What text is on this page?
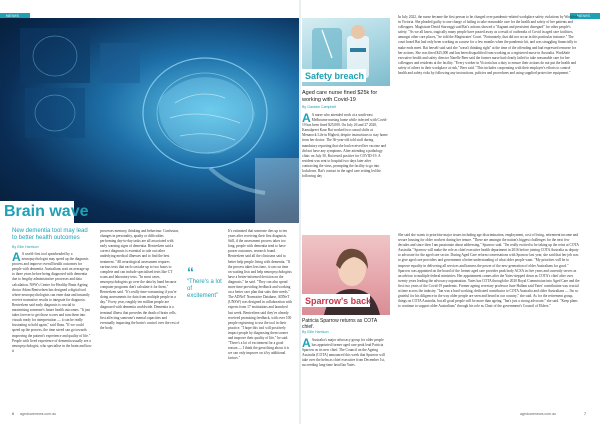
NEWS
Brain wave
New dementia tool may lead to better health outcomes
By Ellie Harrison
A A world-first tool spearheaded by a neuropsychologist may speed up the diagnosis process and improve overall health outcomes for people with dementia. Australians wait on average up to three years before being diagnosed with dementia due to lengthy administrative processes and data calculation. NSW's Centre for Healthy Brain Ageing doctor Adam Bentvelzen has designed a digital tool where neuropsychologists can enter data and instantly receive normative results to integrate for diagnosis. Bentvelzen said early diagnosis is crucial to maximising someone's future health outcomes. "It just takes forever to get those scores and turn them into visuals ready for interpretation — it can be really frustrating to hold again," said Ilona. "If we could speed up the process, the time saved can go towards improving the patient's experience and quality of life." People with lived experience of dementia usually see a neuropsychologist, who specialise in the brain and how it
processes memory, thinking and behaviour. Confusion, changes in personality, apathy or difficulties performing day-to-day tasks are all associated with early warning signs of dementia. Bentvelzen said a correct diagnosis is essential to rule out other underlying medical illnesses and to find the best treatment. "All neurological assessment requires various tests that each can take up to two hours to complete and can include specialised tests like CT scans and laboratory tests. "In most cases, neuropsychologists go over the data by hand because computer programs don't calculate it for them," Bentvelzen said. "It's really time-consuming if you're doing assessments for data from multiple people in a day." Every year, roughly ten million people are diagnosed with dementia worldwide. Dementia is a terminal illness that precedes the death of brain cells, first affecting someone's mental capacities and eventually impacting the brain's control over the rest of the body.
“
“There's a lot of excitement”
It's estimated that someone dies up to ten years after receiving their first diagnosis. Still, if the assessment process takes too long, people with dementia tend to have poorer outcomes, research found. Bentvelzen said all the clinicians said to better help people living with dementia. "If the process takes less time, it can cut time on waiting lists and help neuropsychologists have a better-informed decision on the diagnosis," he said. "They can also spend more time providing feedback and working on a better care plan that suits their needs." The ADNeT Normative Database, ADNeT (UNSW) was designed in collaboration with experts from 17 institutions and launched last week. Bentvelzen said they've already received promising feedback, with over 100 people registering to use the tool in their practice. "I hope this tool will positively impact people by diagnosing them sooner and improve their quality of life," he said. "There's a lot of excitement for a good reason — I think the great thing about it is we can only improve on it by additional factors."
agedcarenews.com.au
6
NEWS
Safety breach
Aged care nurse fined $25k for working with Covid-19
By Gautam Campbell
A A nurse who attended work at a south-east Melbourne nursing home while infected with Covid-19 has been fined $25,000. On July 26 and 27 2020, Kamalpreet Kaur Rai worked two casual shifts at Menarock Life in Highett, despite instructions to stay home from her doctor. The 36-year-old told staff during mandatory reporting that she had received her vaccine and did not have any symptoms. After attending a pathology clinic on July 30, Rai tested positive for COVID-19. A resident was sent to hospital two days later after contracting the virus, prompting the facility to go into lockdown. Rai's contact in the aged care setting led the following day
In July 2022, the nurse became the first person to be charged over pandemic-related workplace safety violations by WorkSafe in Victoria. She pleaded guilty to one charge of failing to take reasonable care for the health and safety of her patients and colleagues. Magistrate David Starvaggi said Rai's actions showed a "flagrant and persistent disregard" for other people's safety. "As we all know, tragically many people have passed away as a result of outbreaks of Covid in aged care facilities, amongst other care places," he told the Magistrates' Court. "Fortunately, that did not occur in this particular instance." The court heard Rai had only been working as a nurse for a few months when the pandemic hit, and was struggling financially to make ends meet. Rai herself said said she "wasn't thinking right" at the time of the offending and had expressed remorse for her actions. She was fined $25,000 and has been disqualified from working as a registered nurse in Australia. WorkSafe executive health and safety director Narelle Beer said the former nurse had clearly failed to take reasonable care for her colleagues and residents at the facility. "Every worker in Victoria has a duty to ensure their actions do not put the health and safety of others in their workplace at risk," Beer said. "This includes cooperating with their employer's efforts to control health and safety risks by following any instructions, policies and procedures and using supplied protective equipment."
Sparrow's back
Patricia Sparrow returns as COTA chief.
By Ellie Harrison
A Australia's major advocacy group for older people has appointed former aged care peak lead Patricia Sparrow as its new chief. The Council on the Ageing Australia (COTA) announced this week that Sparrow will take over the helm as chief executive from December 1st, succeeding long-time head Ian Yates.
She said she wants to prioritise major issues including age discrimination, employment, cost of living, retirement income and secure housing for older workers during her tenure. "These are amongst the nation's biggest challenges for the next few decades and since then I am passionate about addressing," Sparrow said. "I'm really excited to be taking up the reins at COTA Australia." Sparrow will make the role as chief executive health department in 2016 before joining COTA Australia as deputy to advocate for the aged care sector. During Aged Care reform conversations with Sparrow last year, she said that her job was to give aged care providers and government a better understanding of what older people want. "My priorities will be to improve equality in delivering all services and harness the power of the new generation of older Australians for good." Sparrow was appointed on the board of the former aged care provider peak body ACSA in five years and currently serves as an advisor to multiple federal ministries. Her appointment comes after the Yates-stepped down as COTA's chief after over twenty years leading the advocacy organisation. Yates has COTA through the 2020 Royal Commission into Aged Care and the first two years of the Covid-19 pandemic. Former ageing secretary professor June Hallam said Yates' contribution was crucial at time across the industry. "Ian was a hard working, dedicated contributor to COTA Australia and older Australians — I'm so grateful for his diligence in the way older people are seen and heard in our country," she said. As for the retirement group, things on COTA Australia, but all good people will be more than ageing. "Ian's just a strong advocate," she said. "Keep plans to continue to support older Australians" through his role as Chair of the government's Council of Elders."
agedcarenews.com.au	7
